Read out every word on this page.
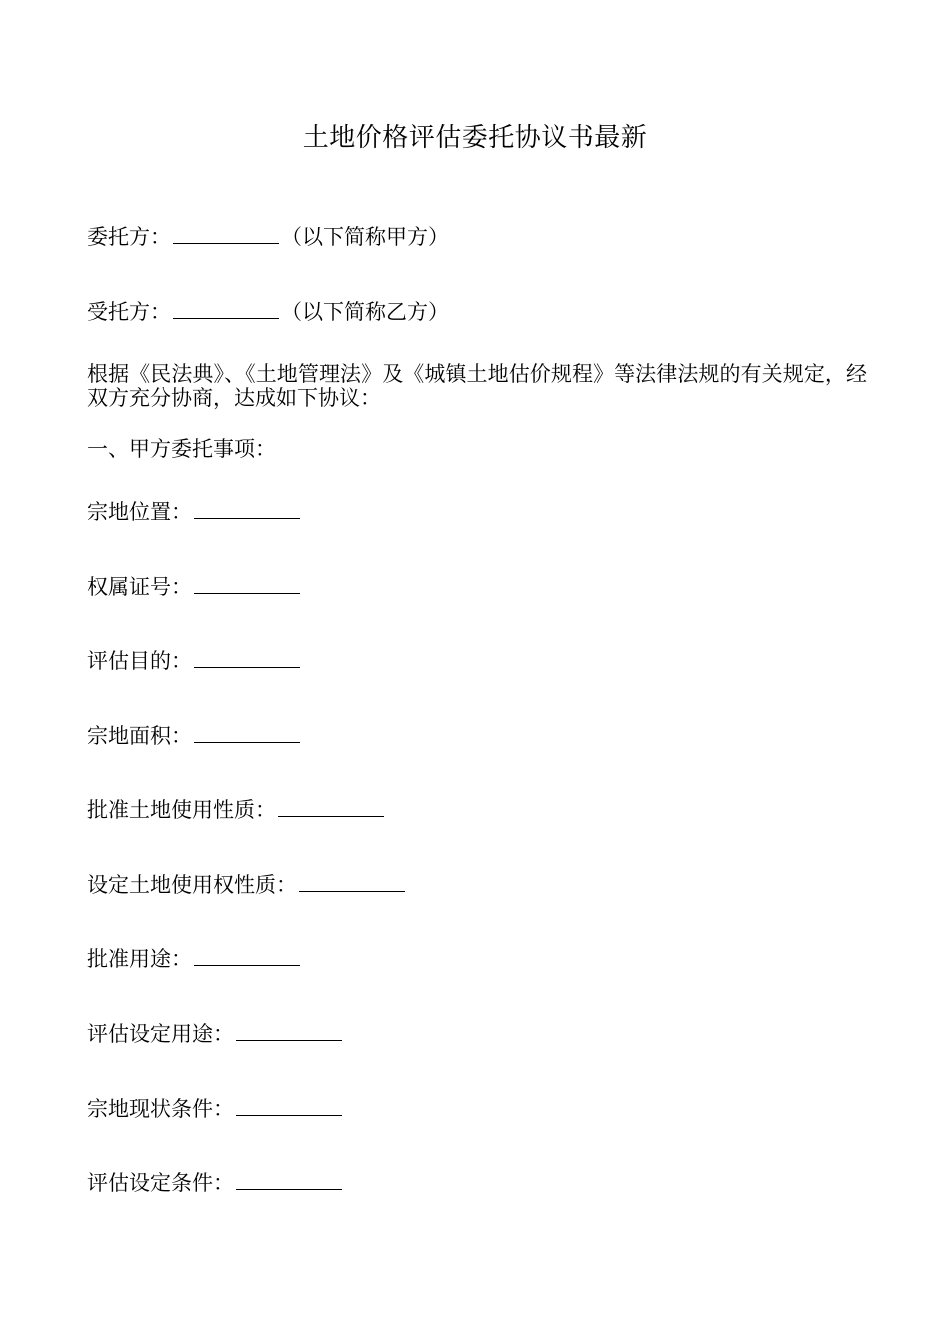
土地价格评估委托协议书最新
委托方：	（以下简称甲方）
受托方：	（以下简称乙方）
根据《民法典》、《土地管理法》及《城镇土地估价规程》等法律法规的有关规定，经双方充分协商，达成如下协议：
一、甲方委托事项：
宗地位置：
权属证号：
评估目的：
宗地面积：
批准土地使用性质：
设定土地使用权性质：
批准用途：
评估设定用途：
宗地现状条件：
评估设定条件：
